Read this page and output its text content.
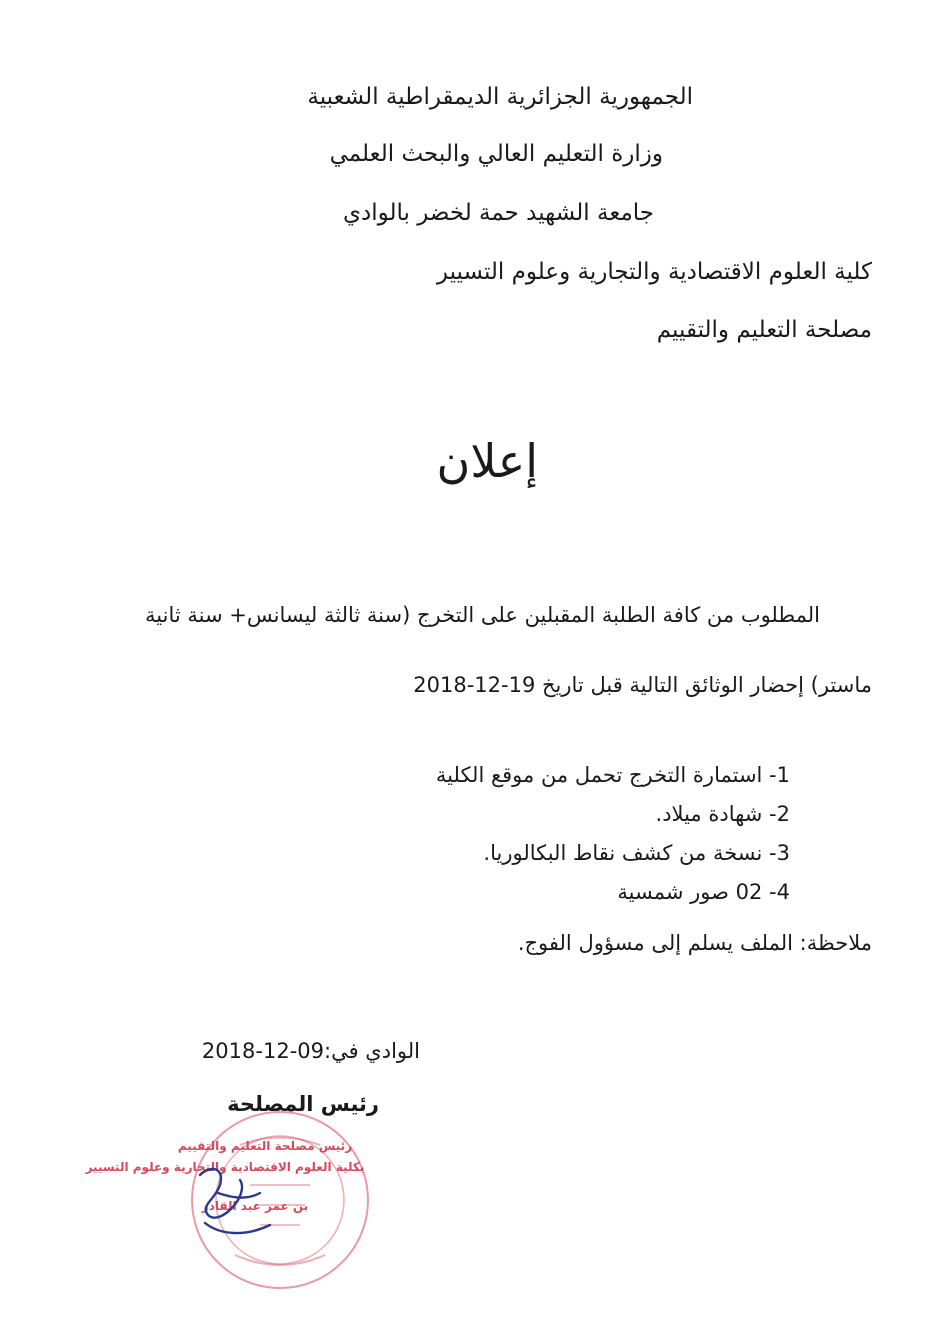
الجمهورية الجزائرية الديمقراطية الشعبية
وزارة التعليم العالي والبحث العلمي
جامعة الشهيد حمة لخضر بالوادي
كلية العلوم الاقتصادية والتجارية وعلوم التسيير
مصلحة التعليم والتقييم
إعلان
المطلوب من كافة الطلبة المقبلين على التخرج (سنة ثالثة ليسانس+ سنة ثانية
ماستر) إحضار الوثائق التالية قبل تاريخ 19-12-2018
1- استمارة التخرج تحمل من موقع الكلية
2- شهادة ميلاد.
3- نسخة من كشف نقاط البكالوريا.
4- 02 صور شمسية
ملاحظة: الملف يسلم إلى مسؤول الفوج.
الوادي في:09-12-2018
رئيس المصلحة
رئيس مصلحة التعليم والتقييم
بكلية العلوم الاقتصادية والتجارية وعلوم التسيير
بن عمر عبد القادر
